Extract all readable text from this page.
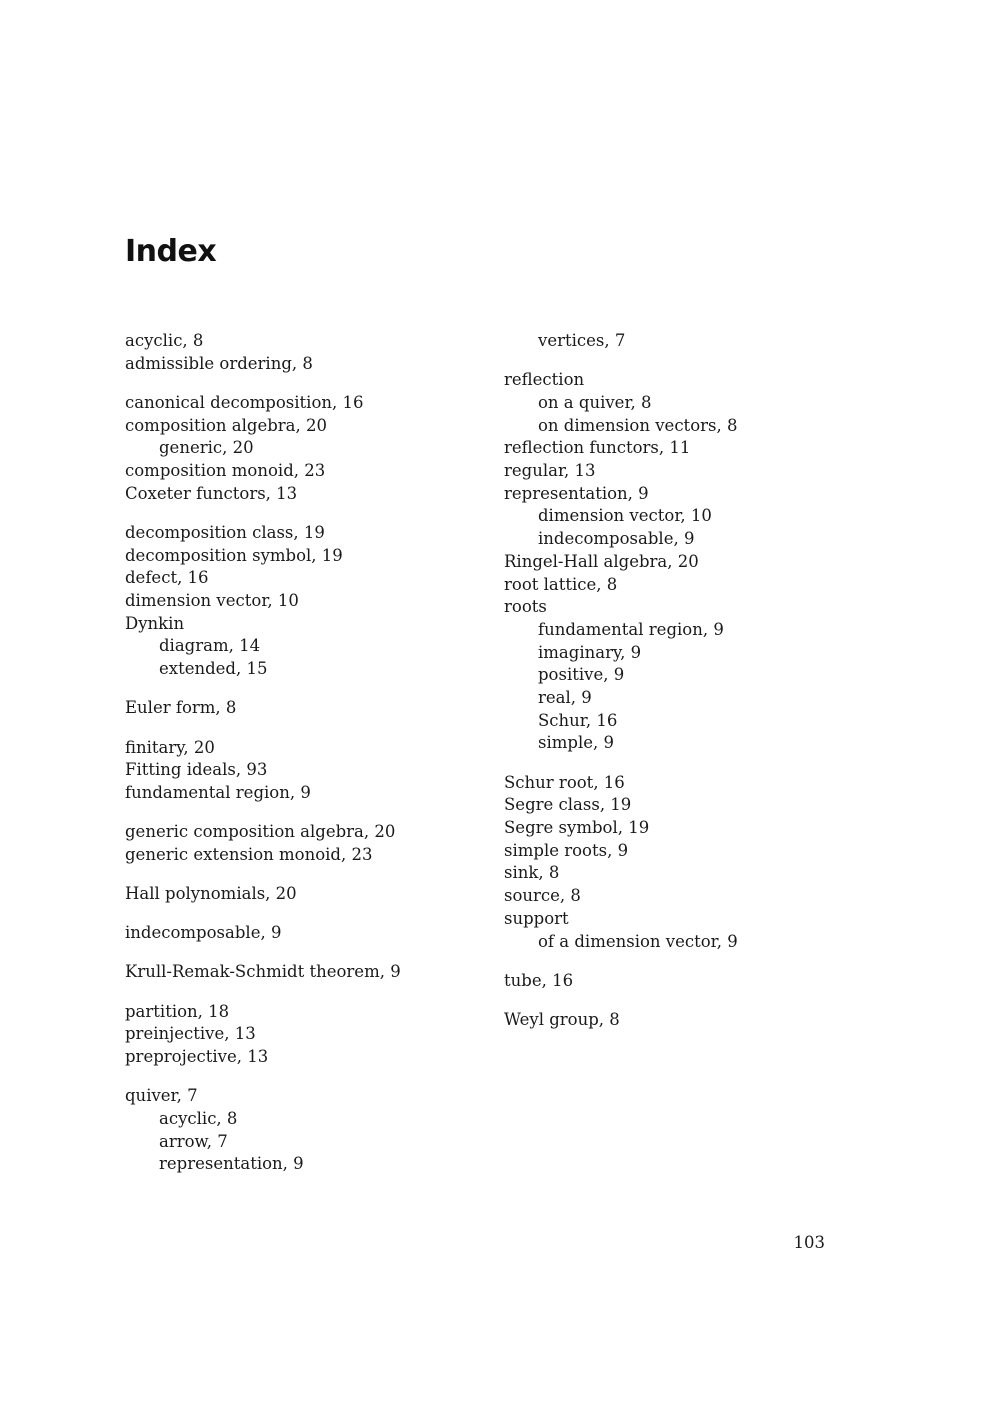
Index
acyclic, 8
admissible ordering, 8
canonical decomposition, 16
composition algebra, 20
generic, 20
composition monoid, 23
Coxeter functors, 13
decomposition class, 19
decomposition symbol, 19
defect, 16
dimension vector, 10
Dynkin
diagram, 14
extended, 15
Euler form, 8
finitary, 20
Fitting ideals, 93
fundamental region, 9
generic composition algebra, 20
generic extension monoid, 23
Hall polynomials, 20
indecomposable, 9
Krull-Remak-Schmidt theorem, 9
partition, 18
preinjective, 13
preprojective, 13
quiver, 7
acyclic, 8
arrow, 7
representation, 9
vertices, 7
reflection
on a quiver, 8
on dimension vectors, 8
reflection functors, 11
regular, 13
representation, 9
dimension vector, 10
indecomposable, 9
Ringel-Hall algebra, 20
root lattice, 8
roots
fundamental region, 9
imaginary, 9
positive, 9
real, 9
Schur, 16
simple, 9
Schur root, 16
Segre class, 19
Segre symbol, 19
simple roots, 9
sink, 8
source, 8
support
of a dimension vector, 9
tube, 16
Weyl group, 8
103
